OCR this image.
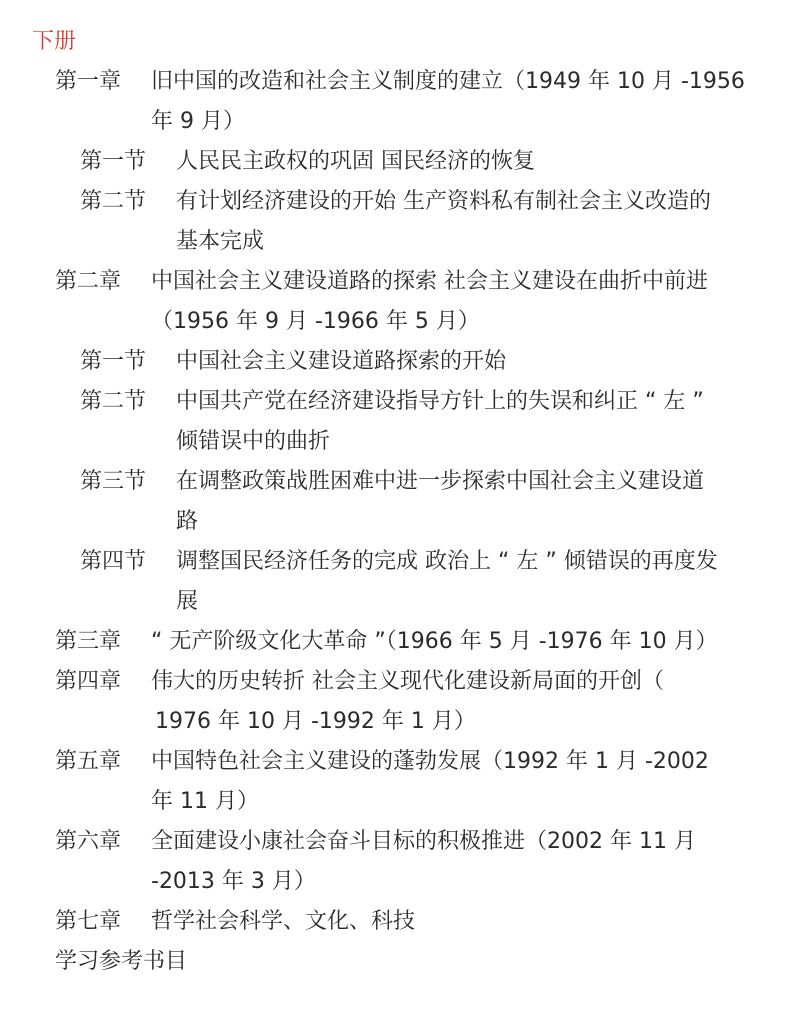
下册
第一章 旧中国的改造和社会主义制度的建立（1949 年 10 月 -1956
年 9 月）
第一节 人民民主政权的巩固 国民经济的恢复
第二节 有计划经济建设的开始 生产资料私有制社会主义改造的
基本完成
第二章 中国社会主义建设道路的探索 社会主义建设在曲折中前进
（1956 年 9 月 -1966 年 5 月）
第一节 中国社会主义建设道路探索的开始
第二节 中国共产党在经济建设指导方针上的失误和纠正 “ 左 ”
倾错误中的曲折
第三节 在调整政策战胜困难中进一步探索中国社会主义建设道
路
第四节 调整国民经济任务的完成 政治上 “ 左 ” 倾错误的再度发
展
第三章 “ 无产阶级文化大革命 ”（1966 年 5 月 -1976 年 10 月）
第四章 伟大的历史转折 社会主义现代化建设新局面的开创（
1976 年 10 月 -1992 年 1 月）
第五章 中国特色社会主义建设的蓬勃发展（1992 年 1 月 -2002
年 11 月）
第六章 全面建设小康社会奋斗目标的积极推进（2002 年 11 月
-2013 年 3 月）
第七章 哲学社会科学、文化、科技
学习参考书目
